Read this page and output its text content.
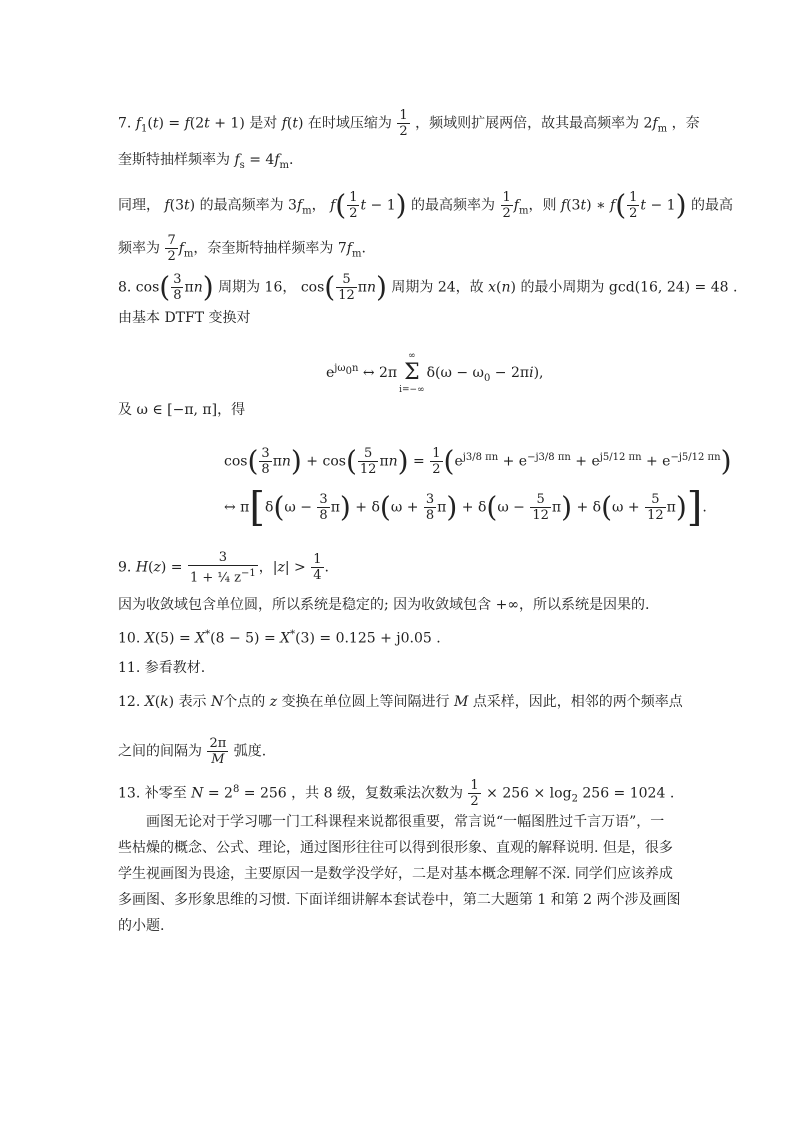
7. $f_1(t) = f(2t + 1)$ 是对 f(t) 在时域压缩为 $\frac{1}{2}$ ，频域则扩展两倍，故其最高频率为 $2f_m$ ，奈
奎斯特抽样频率为 $f_s = 4f_m$.
同理， f(3t) 的最高频率为 $3f_m$， $f( \frac{1}{2}$ t − 1) 的最高频率为 $\frac{1}{2} f_m$，则 f(3t) ∗ $f( \frac{1}{2}$ t − 1) 的最高
频率为 $\frac{7}{2} f_m$，奈奎斯特抽样频率为 $7f_m$.
8. $\cos( \frac{3}{8} \pi n)$ 周期为 16， $\cos( \frac{5}{12} \pi n)$ 周期为 24，故 x(n) 的最小周期为 gcd(16, 24) = 48 .
由基本 DTFT 变换对
$e^{j\omega_0n}$ ↔ 2π
∞
Σ
i=−∞
$\delta(\omega - \omega_0 - 2\pi i)$,
及 ω ∈ [−π, π]，得
$\cos( \frac{3}{8} \pi n) + \cos( \frac{5}{12} \pi n) = \frac{1}{2} (e^{j3/8 \pi n} + e^{-j3/8 \pi n} + e^{j5/12 \pi n} + e^{-j5/12 \pi n})$
↔ $\pi[\delta(\omega - \frac{3}{8} \pi) + \delta(\omega + \frac{3}{8} \pi) + \delta(\omega - \frac{5}{12} \pi) + \delta(\omega + \frac{5}{12} \pi)]$.
9. $H(z) = \frac{3}{1 + \frac{1}{4} z^{-1}}$ ，$|z| > \frac{1}{4}$ .
因为收敛域包含单位圆，所以系统是稳定的; 因为收敛域包含 +∞，所以系统是因果的.
10. X(5) = X*(8 − 5) = X*(3) = 0.125 + j0.05 .
11. 参看教材.
12. X(k) 表示 N个点的 z 变换在单位圆上等间隔进行 M 点采样，因此，相邻的两个频率点
之间的间隔为 $\frac{2\pi}{M}$ 弧度.
13. 补零至 $N = 2^8 = 256$ ，共 8 级，复数乘法次数为 $\frac{1}{2} \times 256 \times \log_2 256 = 1024$ .
画图无论对于学习哪一门工科课程来说都很重要，常言说“一幅图胜过千言万语”，一
些枯燥的概念、公式、理论，通过图形往往可以得到很形象、直观的解释说明. 但是，很多
学生视画图为畏途，主要原因一是数学没学好，二是对基本概念理解不深. 同学们应该养成
多画图、多形象思维的习惯. 下面详细讲解本套试卷中，第二大题第 1 和第 2 两个涉及画图
的小题.
